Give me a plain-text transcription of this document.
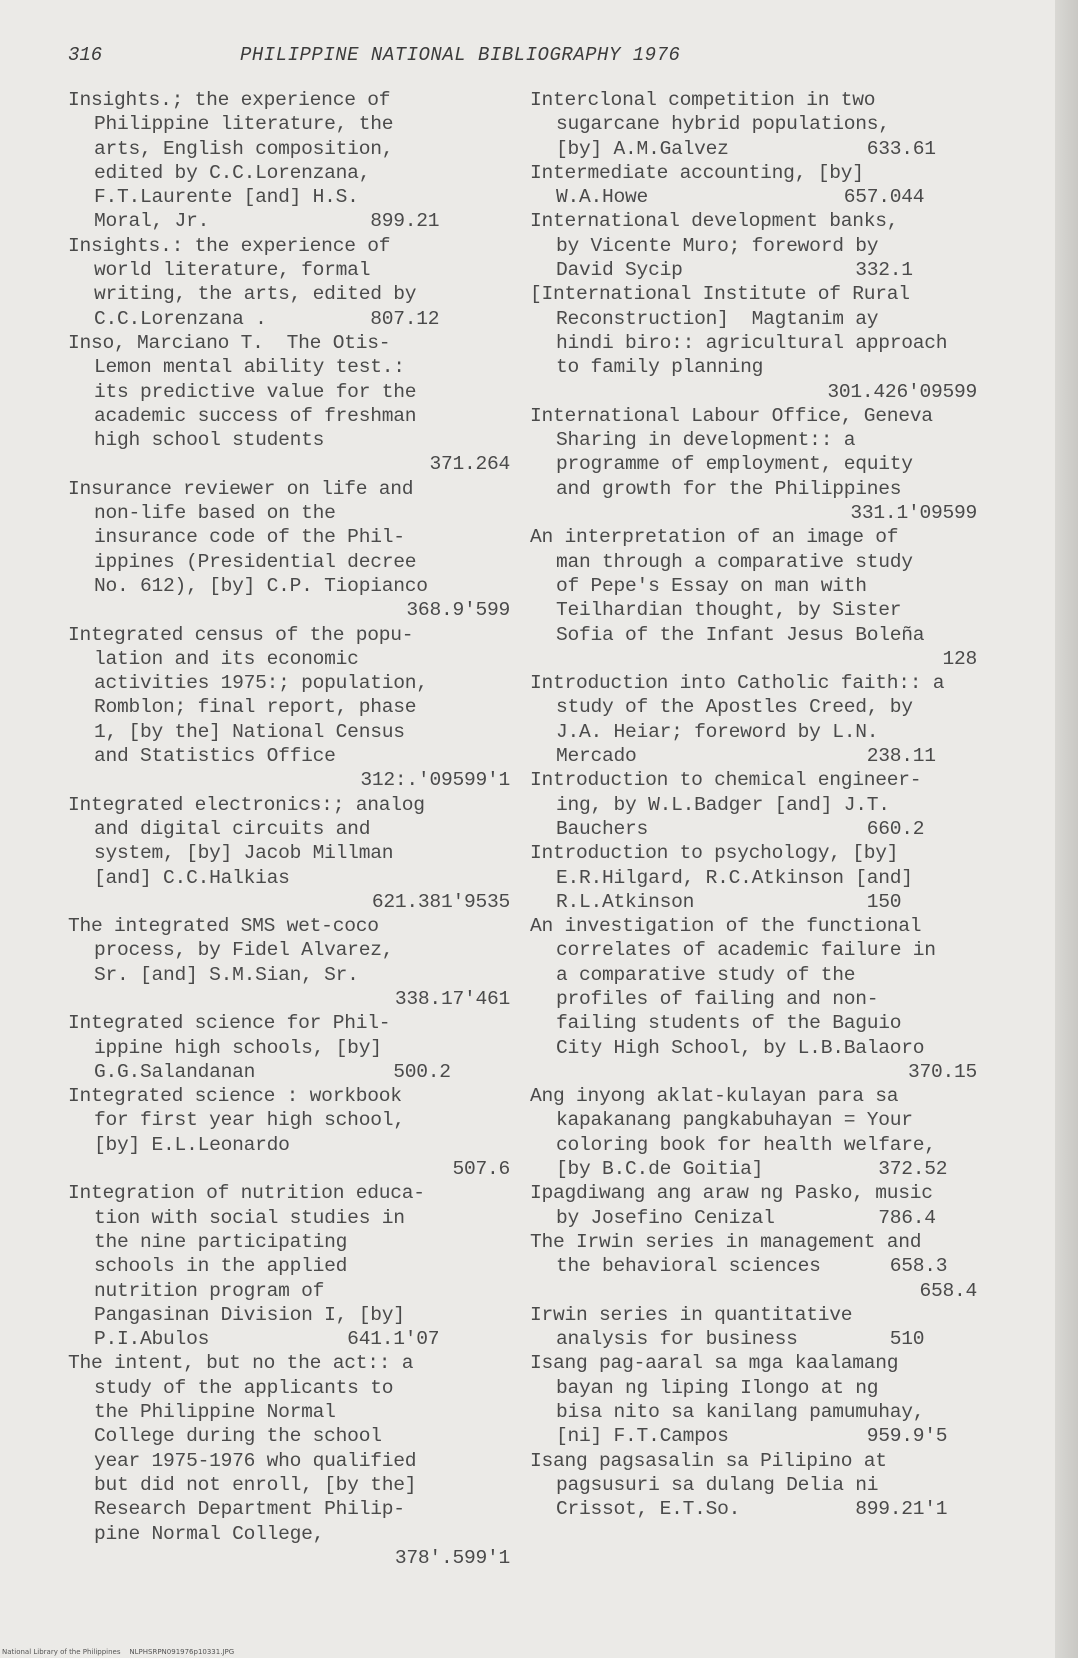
316	PHILIPPINE NATIONAL BIBLIOGRAPHY 1976
Insights.; the experience of
Philippine literature, the
arts, English composition,
edited by C.C.Lorenzana,
F.T.Laurente [and] H.S.
Moral, Jr.              899.21
Insights.: the experience of
world literature, formal
writing, the arts, edited by
C.C.Lorenzana .         807.12
Inso, Marciano T.  The Otis-
Lemon mental ability test.:
its predictive value for the
academic success of freshman
high school students
371.264
Insurance reviewer on life and
non-life based on the
insurance code of the Phil-
ippines (Presidential decree
No. 612), [by] C.P. Tiopianco
368.9'599
Integrated census of the popu-
lation and its economic
activities 1975:; population,
Romblon; final report, phase
1, [by the] National Census
and Statistics Office
312:.'09599'1
Integrated electronics:; analog
and digital circuits and
system, [by] Jacob Millman
[and] C.C.Halkias
621.381'9535
The integrated SMS wet-coco
process, by Fidel Alvarez,
Sr. [and] S.M.Sian, Sr.
338.17'461
Integrated science for Phil-
ippine high schools, [by]
G.G.Salandanan            500.2
Integrated science : workbook
for first year high school,
[by] E.L.Leonardo
507.6
Integration of nutrition educa-
tion with social studies in
the nine participating
schools in the applied
nutrition program of
Pangasinan Division I, [by]
P.I.Abulos            641.1'07
The intent, but no the act:: a
study of the applicants to
the Philippine Normal
College during the school
year 1975-1976 who qualified
but did not enroll, [by the]
Research Department Philip-
pine Normal College,
378'.599'1
Interclonal competition in two
sugarcane hybrid populations,
[by] A.M.Galvez            633.61
Intermediate accounting, [by]
W.A.Howe                 657.044
International development banks,
by Vicente Muro; foreword by
David Sycip               332.1
[International Institute of Rural
Reconstruction]  Magtanim ay
hindi biro:: agricultural approach
to family planning
301.426'09599
International Labour Office, Geneva
Sharing in development:: a
programme of employment, equity
and growth for the Philippines
331.1'09599
An interpretation of an image of
man through a comparative study
of Pepe's Essay on man with
Teilhardian thought, by Sister
Sofia of the Infant Jesus Boleña
128
Introduction into Catholic faith:: a
study of the Apostles Creed, by
J.A. Heiar; foreword by L.N.
Mercado                    238.11
Introduction to chemical engineer-
ing, by W.L.Badger [and] J.T.
Bauchers                   660.2
Introduction to psychology, [by]
E.R.Hilgard, R.C.Atkinson [and]
R.L.Atkinson               150
An investigation of the functional
correlates of academic failure in
a comparative study of the
profiles of failing and non-
failing students of the Baguio
City High School, by L.B.Balaoro
370.15
Ang inyong aklat-kulayan para sa
kapakanang pangkabuhayan = Your
coloring book for health welfare,
[by B.C.de Goitia]          372.52
Ipagdiwang ang araw ng Pasko, music
by Josefino Cenizal         786.4
The Irwin series in management and
the behavioral sciences      658.3
658.4
Irwin series in quantitative
analysis for business        510
Isang pag-aaral sa mga kaalamang
bayan ng liping Ilongo at ng
bisa nito sa kanilang pamumuhay,
[ni] F.T.Campos            959.9'5
Isang pagsasalin sa Pilipino at
pagsusuri sa dulang Delia ni
Crissot, E.T.So.          899.21'1
National Library of the Philippines    NLPHSRPN091976p10331.JPG
